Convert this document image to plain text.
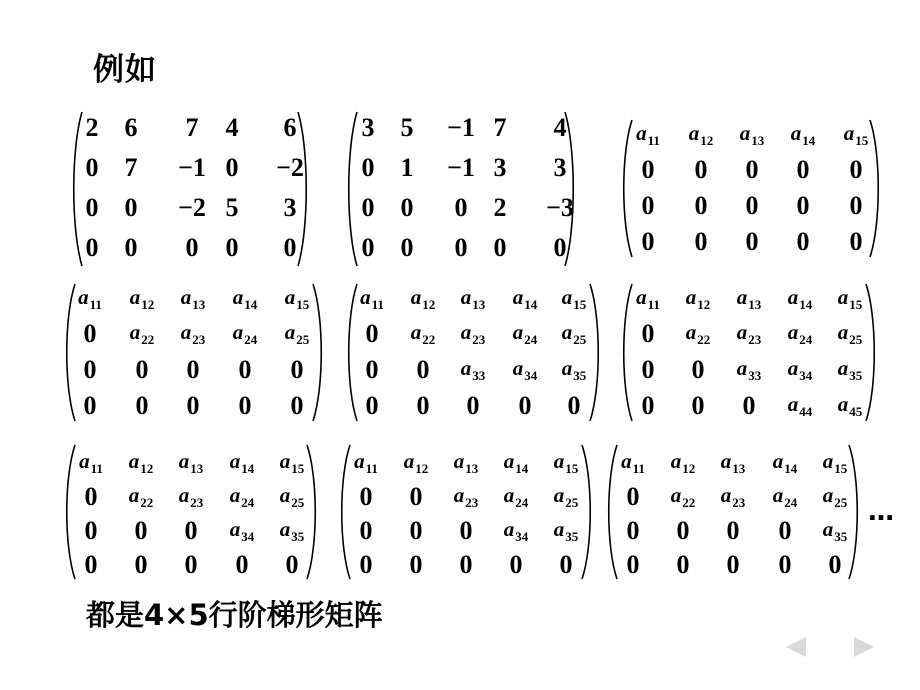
例如
2 6 7 4 6
0 7 −1 0 −2
0 0 −2 5 3
0 0 0 0 0
3 5 −1 7 4
0 1 −1 3 3
0 0 0 2 −3
0 0 0 0 0
$a_{11}$ $a_{12}$ $a_{13}$ $a_{14}$ $a_{15}$
0 0 0 0 0
0 0 0 0 0
0 0 0 0 0
$a_{11}$ $a_{12}$ $a_{13}$ $a_{14}$ $a_{15}$
0 $a_{22}$ $a_{23}$ $a_{24}$ $a_{25}$
0 0 0 0 0
0 0 0 0 0
$a_{11}$ $a_{12}$ $a_{13}$ $a_{14}$ $a_{15}$
0 $a_{22}$ $a_{23}$ $a_{24}$ $a_{25}$
0 0 $a_{33}$ $a_{34}$ $a_{35}$
0 0 0 0 0
$a_{11}$ $a_{12}$ $a_{13}$ $a_{14}$ $a_{15}$
0 $a_{22}$ $a_{23}$ $a_{24}$ $a_{25}$
0 0 $a_{33}$ $a_{34}$ $a_{35}$
0 0 0 $a_{44}$ $a_{45}$
$a_{11}$ $a_{12}$ $a_{13}$ $a_{14}$ $a_{15}$
0 $a_{22}$ $a_{23}$ $a_{24}$ $a_{25}$
0 0 0 $a_{34}$ $a_{35}$
0 0 0 0 0
$a_{11}$ $a_{12}$ $a_{13}$ $a_{14}$ $a_{15}$
0 0 $a_{23}$ $a_{24}$ $a_{25}$
0 0 0 $a_{34}$ $a_{35}$
0 0 0 0 0
$a_{11}$ $a_{12}$ $a_{13}$ $a_{14}$ $a_{15}$
0 $a_{22}$ $a_{23}$ $a_{24}$ $a_{25}$
0 0 0 0 $a_{35}$
0 0 0 0 0
…
都是4×5行阶梯形矩阵
